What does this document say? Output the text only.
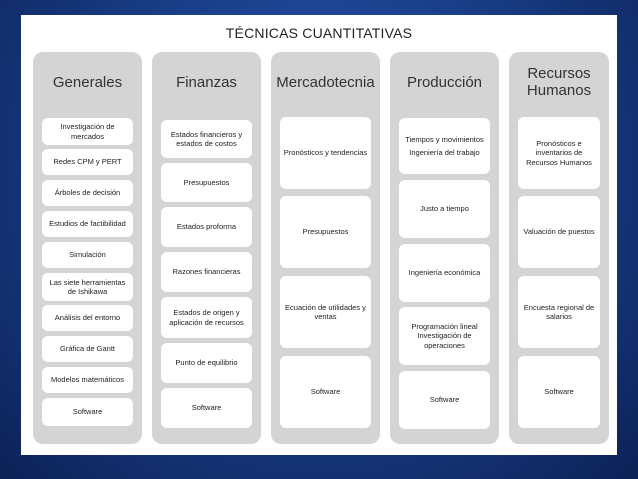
TÉCNICAS CUANTITATIVAS
Generales
Investigación de mercados
Redes CPM y PERT
Árboles de decisión
Estudios de factibilidad
Simulación
Las siete herramientas de Ishikawa
Análisis del entorno
Gráfica de Gantt
Modelos matemáticos
Software
Finanzas
Estados financieros y estados de costos
Presupuestos
Estados proforma
Razones financieras
Estados de origen y aplicación de recursos
Punto de equilibrio
Software
Mercadotecnia
Pronósticos y tendencias
Presupuestos
Ecuación de utilidades y ventas
Software
Producción
Tiempos y movimientos
Ingeniería del trabajo
Justo a tiempo
Ingeniería económica
Programación lineal Investigación de operaciones
Software
Recursos Humanos
Pronósticos e inventarios de Recursos Humanos
Valuación de puestos
Encuesta regional de salarios
Software
